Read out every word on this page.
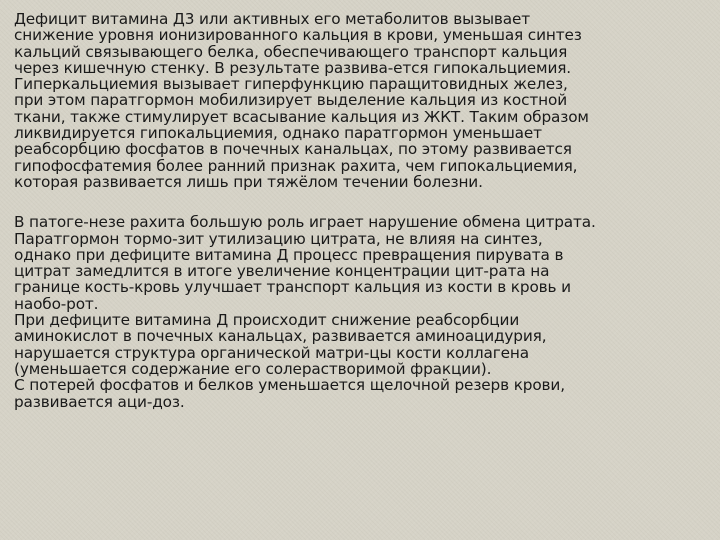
Дефицит витамина Д3 или активных его метаболитов вызывает
снижение уровня ионизированного кальция в крови, уменьшая синтез
кальций связывающего белка, обеспечивающего транспорт кальция
через кишечную стенку. В результате развива-ется гипокальциемия.
Гиперкальциемия вызывает гиперфункцию паращитовидных желез,
при этом паратгормон мобилизирует выделение кальция из костной
ткани, также стимулирует всасывание кальция из ЖКТ. Таким образом
ликвидируется гипокальциемия, однако паратгормон уменьшает
реабсорбцию фосфатов в почечных канальцах, по этому развивается
гипофосфатемия более ранний признак рахита, чем гипокальциемия,
которая развивается лишь при тяжёлом течении болезни.
В патоге-незе рахита большую роль играет нарушение обмена цитрата.
Паратгормон тормо-зит утилизацию цитрата, не влияя на синтез,
однако при дефиците витамина Д процесс превращения пирувата в
цитрат замедлится в итоге увеличение концентрации цит-рата на
границе кость-кровь улучшает транспорт кальция из кости в кровь и
наобо-рот.
При дефиците витамина Д происходит снижение реабсорбции
аминокислот в почечных канальцах, развивается аминоацидурия,
нарушается структура органической матри-цы кости коллагена
(уменьшается содержание его солерастворимой фракции).
С потерей фосфатов и белков уменьшается щелочной резерв крови,
развивается аци-доз.
